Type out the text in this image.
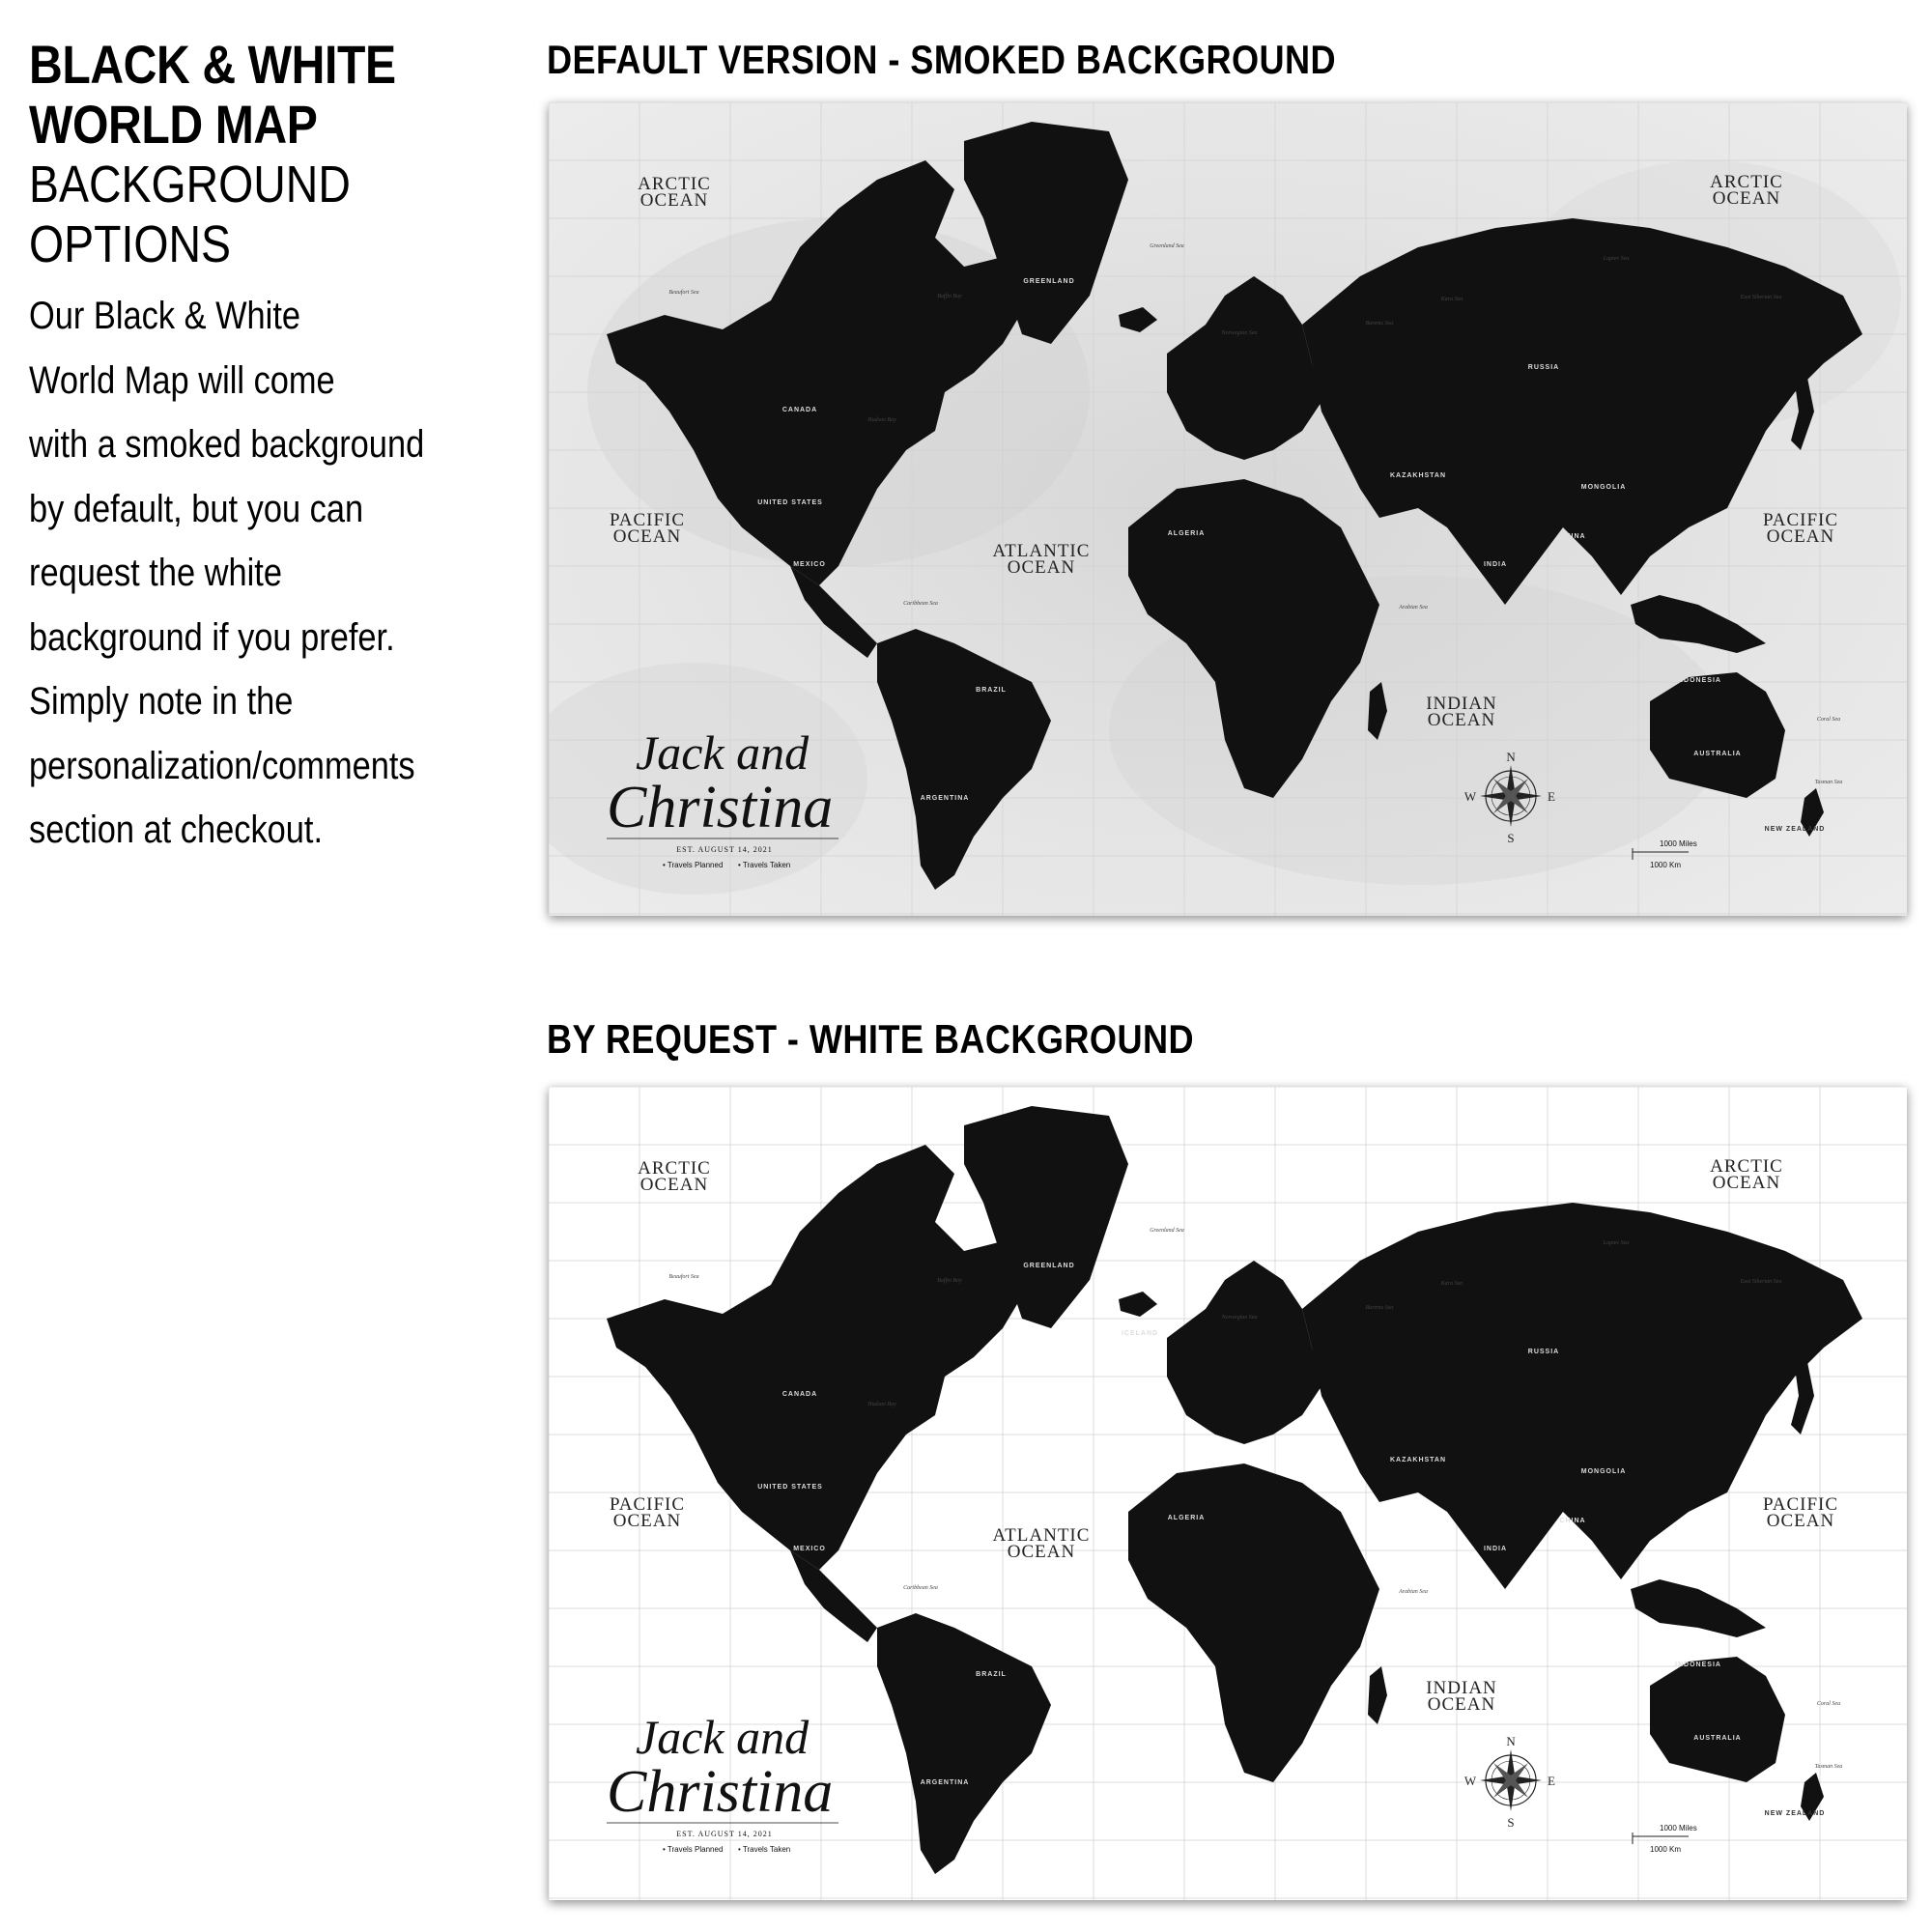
BLACK & WHITE
WORLD MAP
BACKGROUND
OPTIONS
Our Black & White
World Map will come
with a smoked background
by default, but you can
request the white
background if you prefer.
Simply note in the
personalization/comments
section at checkout.
DEFAULT VERSION - SMOKED BACKGROUND
ARCTIC OCEAN
ARCTIC OCEAN
PACIFIC OCEAN
PACIFIC OCEAN
ATLANTIC OCEAN
INDIAN OCEAN
GREENLAND
CANADA
UNITED STATES
MEXICO
BRAZIL
ARGENTINA
RUSSIA
KAZAKHSTAN
MONGOLIA
CHINA
INDIA
ALGERIA
AUSTRALIA
INDONESIA
ICELAND
NEW ZEALAND
Beaufort Sea
Baffin Bay
Hudson Bay
Greenland Sea
Norwegian Sea
Barents Sea
Kara Sea
Laptev Sea
East Siberian Sea
Arabian Sea
Coral Sea
Tasman Sea
Caribbean Sea
Jack and
Christina
EST. AUGUST 14, 2021
• Travels Planned • Travels Taken
N
S
E
W
1000 Miles
1000 Km
BY REQUEST - WHITE BACKGROUND
ARCTIC OCEAN
ARCTIC OCEAN
PACIFIC OCEAN
PACIFIC OCEAN
ATLANTIC OCEAN
INDIAN OCEAN
GREENLAND
CANADA
UNITED STATES
MEXICO
BRAZIL
ARGENTINA
RUSSIA
KAZAKHSTAN
MONGOLIA
CHINA
INDIA
ALGERIA
AUSTRALIA
INDONESIA
ICELAND
NEW ZEALAND
Beaufort Sea
Baffin Bay
Hudson Bay
Greenland Sea
Norwegian Sea
Barents Sea
Kara Sea
Laptev Sea
East Siberian Sea
Arabian Sea
Coral Sea
Tasman Sea
Caribbean Sea
Jack and
Christina
EST. AUGUST 14, 2021
• Travels Planned • Travels Taken
N
S
E
W
1000 Miles
1000 Km
